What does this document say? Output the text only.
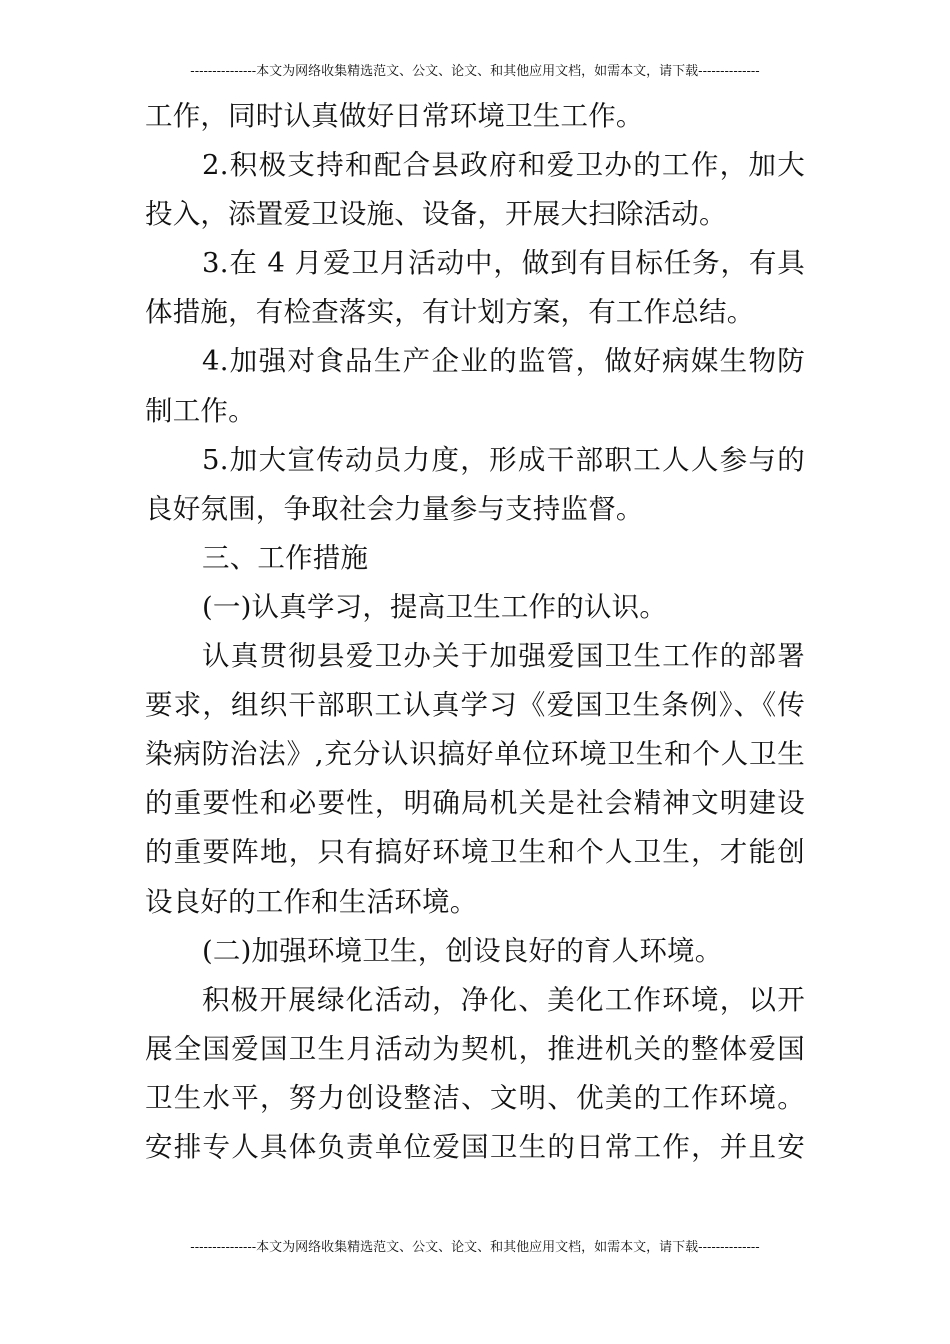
---------------本文为网络收集精选范文、公文、论文、和其他应用文档，如需本文，请下载--------------
工作，同时认真做好日常环境卫生工作。
2.积极支持和配合县政府和爱卫办的工作，加大
投入，添置爱卫设施、设备，开展大扫除活动。
3.在 4 月爱卫月活动中，做到有目标任务，有具
体措施，有检查落实，有计划方案，有工作总结。
4.加强对食品生产企业的监管，做好病媒生物防
制工作。
5.加大宣传动员力度，形成干部职工人人参与的
良好氛围，争取社会力量参与支持监督。
三、工作措施
(一)认真学习，提高卫生工作的认识。
认真贯彻县爱卫办关于加强爱国卫生工作的部署
要求，组织干部职工认真学习《爱国卫生条例》、《传
染病防治法》,充分认识搞好单位环境卫生和个人卫生
的重要性和必要性，明确局机关是社会精神文明建设
的重要阵地，只有搞好环境卫生和个人卫生，才能创
设良好的工作和生活环境。
(二)加强环境卫生，创设良好的育人环境。
积极开展绿化活动，净化、美化工作环境，以开
展全国爱国卫生月活动为契机，推进机关的整体爱国
卫生水平，努力创设整洁、文明、优美的工作环境。
安排专人具体负责单位爱国卫生的日常工作，并且安
---------------本文为网络收集精选范文、公文、论文、和其他应用文档，如需本文，请下载--------------
